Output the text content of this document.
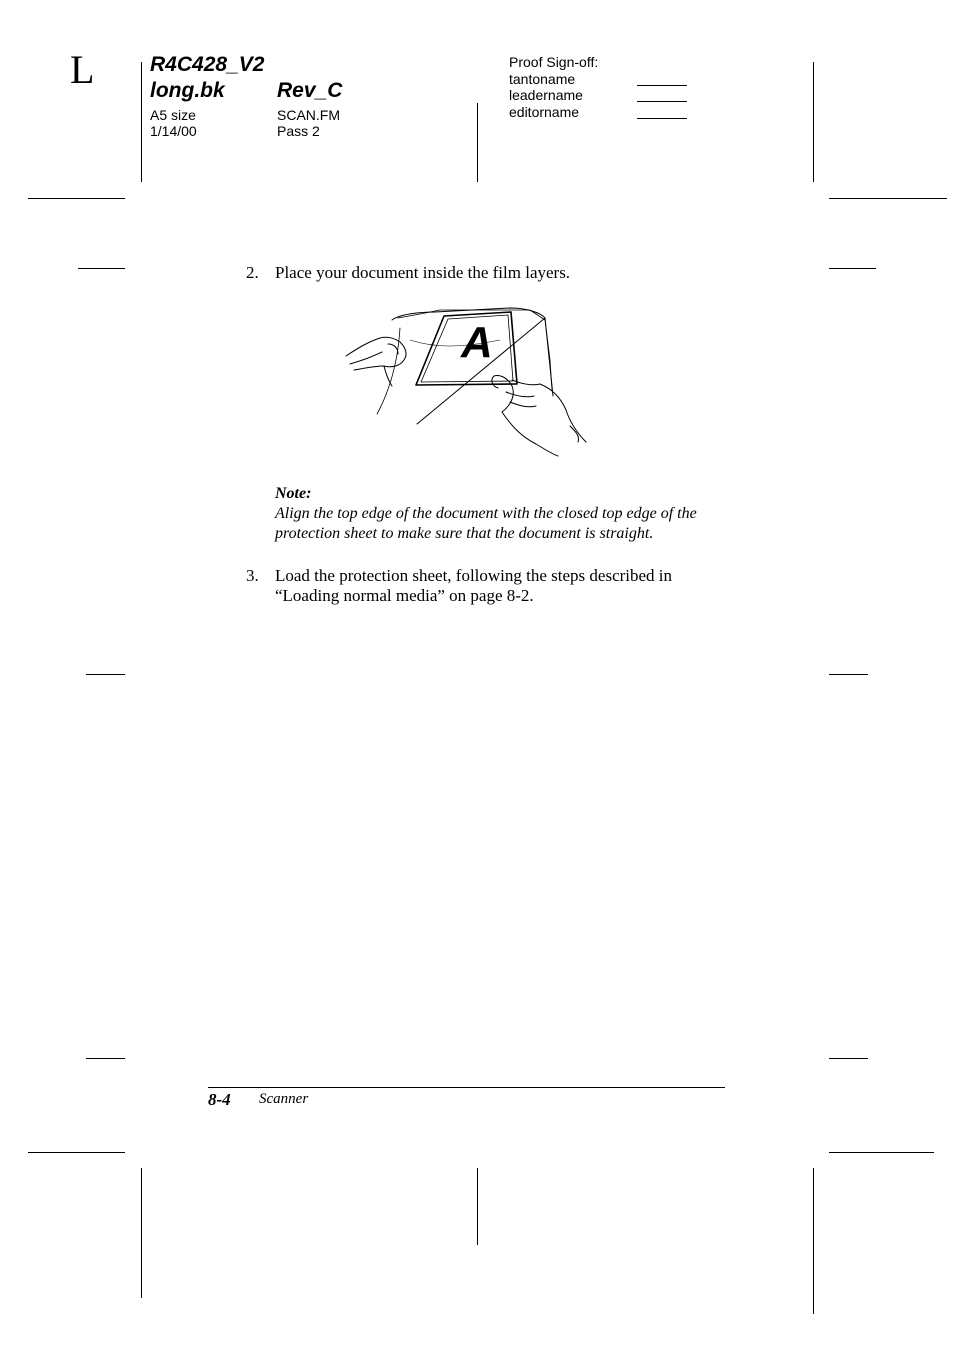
L	R4C428_V2
long.bk Rev_C
A5 size
1/14/00
SCAN.FM
Pass 2
Proof Sign-off:
tantoname
leadername
editorname
2. Place your document inside the film layers.
A
Note:
Align the top edge of the document with the closed top edge of the
protection sheet to make sure that the document is straight.
3. Load the protection sheet, following the steps described in
“Loading normal media” on page 8-2.
8-4 Scanner
